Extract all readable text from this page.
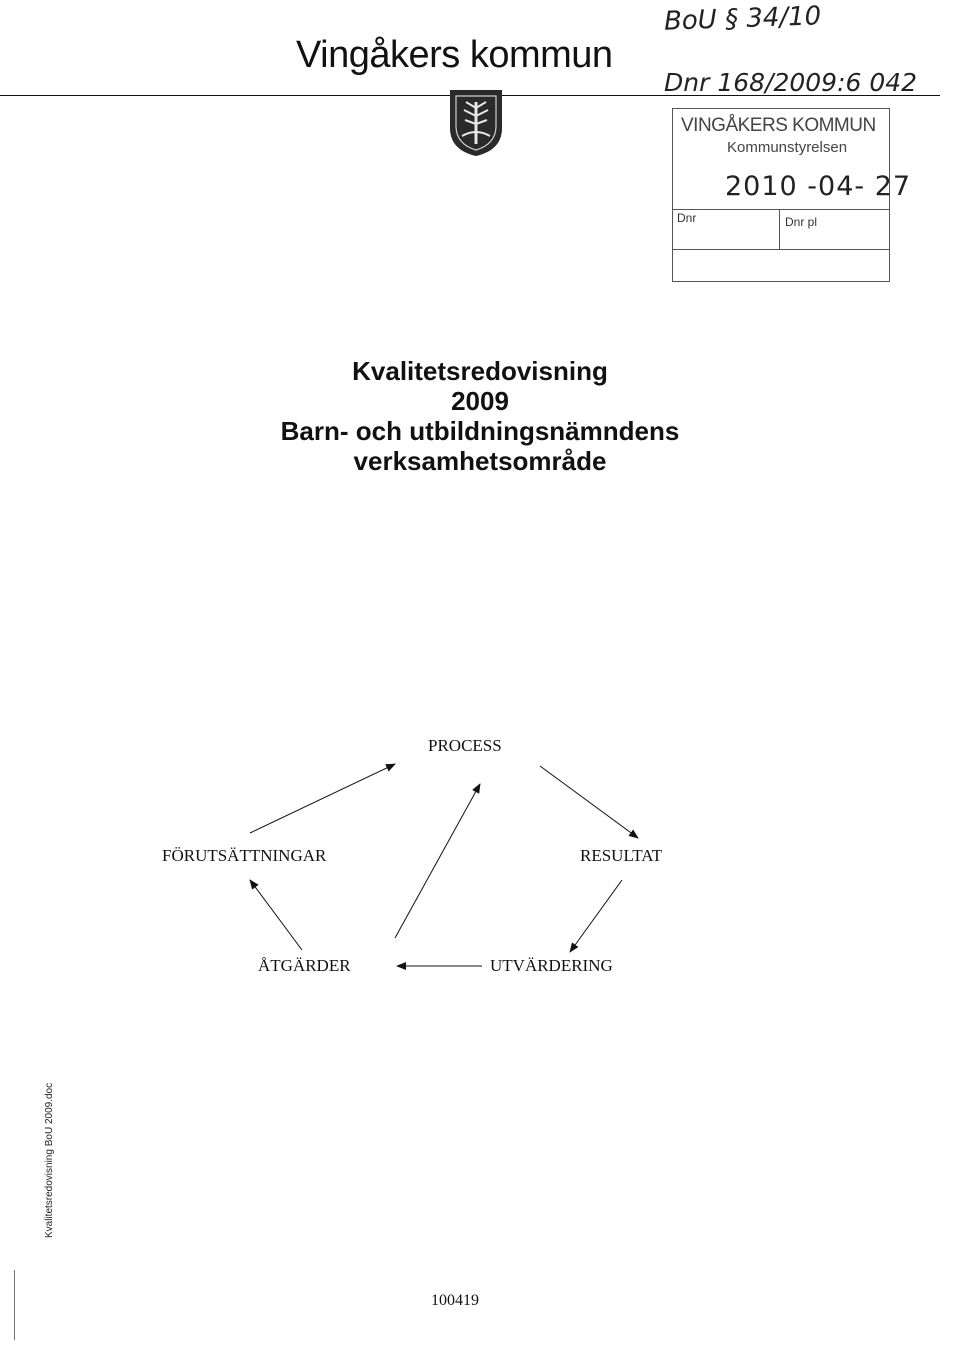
Vingåkers kommun
BoU § 34/10
Dnr 168/2009:6 042
VINGÅKERS KOMMUN
Kommunstyrelsen
2010 -04- 27
Dnr	Dnr pl
Kvalitetsredovisning
2009
Barn- och utbildningsnämndens
verksamhetsområde
PROCESS
FÖRUTSÄTTNINGAR	RESULTAT
ÅTGÄRDER	UTVÄRDERING
Kvalitetsredovisning BoU 2009.doc
100419
